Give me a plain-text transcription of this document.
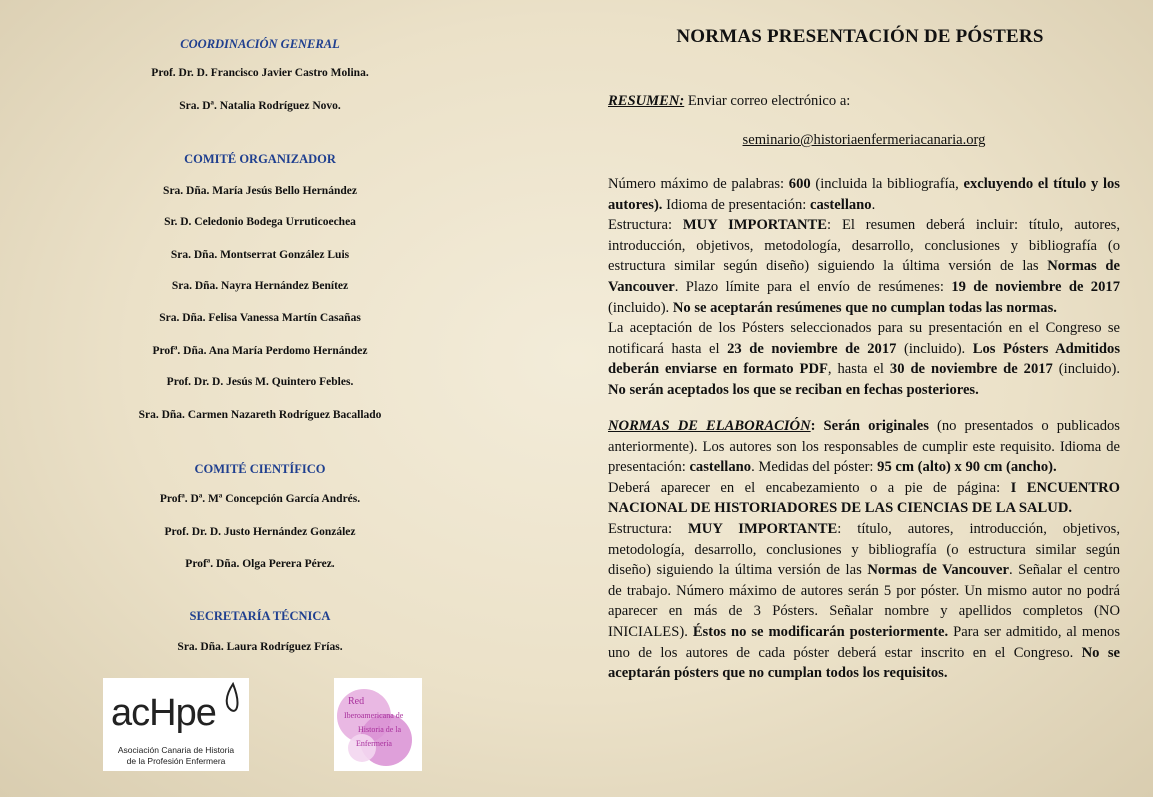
COORDINACIÓN GENERAL
Prof. Dr. D. Francisco Javier Castro Molina.
Sra. Dª. Natalia Rodríguez Novo.
COMITÉ ORGANIZADOR
Sra. Dña. María Jesús Bello Hernández
Sr. D. Celedonio Bodega Urruticoechea
Sra. Dña. Montserrat González Luis
Sra. Dña. Nayra Hernández Benítez
Sra. Dña. Felisa Vanessa Martín Casañas
Profª. Dña. Ana María Perdomo Hernández
Prof. Dr. D. Jesús M. Quintero Febles.
Sra. Dña. Carmen Nazareth Rodríguez Bacallado
COMITÉ CIENTÍFICO
Profª. Dª. Mª Concepción García Andrés.
Prof. Dr. D. Justo Hernández González
Profª. Dña. Olga Perera Pérez.
SECRETARÍA TÉCNICA
Sra. Dña. Laura Rodríguez Frías.
acHpe
Asociación Canaria de Historia
de la Profesión Enfermera
Red
Iberoamericana de
Historia de la
Enfermería
NORMAS PRESENTACIÓN DE PÓSTERS
RESUMEN: Enviar correo electrónico a:
seminario@historiaenfermeriacanaria.org
Número máximo de palabras: 600 (incluida la bibliografía, excluyendo el título y los
autores). Idioma de presentación: castellano.
Estructura: MUY IMPORTANTE: El resumen deberá incluir: título, autores,
introducción, objetivos, metodología, desarrollo, conclusiones y bibliografía (o
estructura similar según diseño) siguiendo la última versión de las Normas de
Vancouver. Plazo límite para el envío de resúmenes: 19 de noviembre de 2017
(incluido). No se aceptarán resúmenes que no cumplan todas las normas.
La aceptación de los Pósters seleccionados para su presentación en el Congreso se
notificará hasta el 23 de noviembre de 2017 (incluido). Los Pósters Admitidos
deberán enviarse en formato PDF, hasta el 30 de noviembre de 2017 (incluido).
No serán aceptados los que se reciban en fechas posteriores.
NORMAS DE ELABORACIÓN: Serán originales (no presentados o publicados
anteriormente). Los autores son los responsables de cumplir este requisito. Idioma de
presentación: castellano. Medidas del póster: 95 cm (alto) x 90 cm (ancho).
Deberá aparecer en el encabezamiento o a pie de página: I ENCUENTRO
NACIONAL DE HISTORIADORES DE LAS CIENCIAS DE LA SALUD.
Estructura: MUY IMPORTANTE: título, autores, introducción, objetivos,
metodología, desarrollo, conclusiones y bibliografía (o estructura similar según
diseño) siguiendo la última versión de las Normas de Vancouver. Señalar el centro
de trabajo. Número máximo de autores serán 5 por póster. Un mismo autor no podrá
aparecer en más de 3 Pósters. Señalar nombre y apellidos completos (NO
INICIALES). Éstos no se modificarán posteriormente. Para ser admitido, al menos
uno de los autores de cada póster deberá estar inscrito en el Congreso. No se
aceptarán pósters que no cumplan todos los requisitos.
